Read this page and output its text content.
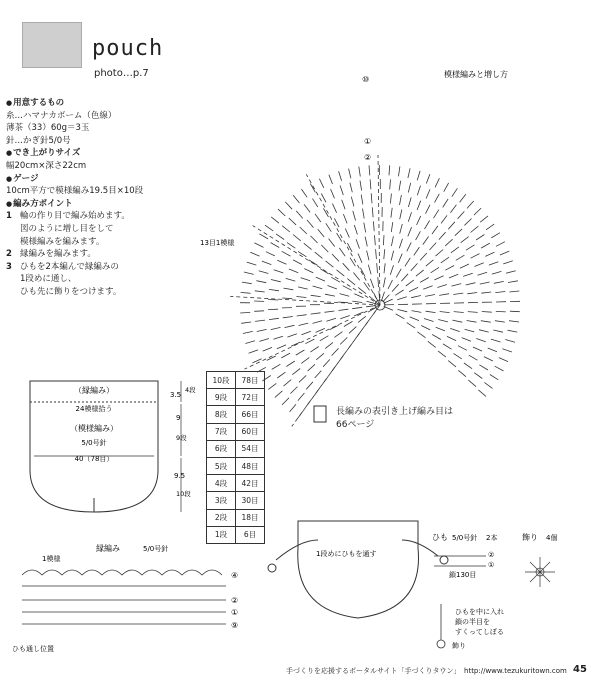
pouch
photo…p.7
● 用意するもの
糸…ハマナカボーム（色線）
薄茶（33）60g＝3玉
針…かぎ針5/0号
● でき上がりサイズ
幅20cm×深さ22cm
● ゲージ
10cm平方で模様編み19.5目×10段
● 編み方ポイント
1 輪の作り目で編み始めます。
図のように増し目をして
模様編みを編みます。
2 縁編みを編みます。
3 ひもを2本編んで縁編みの
1段めに通し、
ひも先に飾りをつけます。
（縁編み）
24模様拾う
（模様編み）
5/0号針
40（78目）
3.5
4段
9
9段
9.5
10段
縁編み	5/0号針
1模様
④
②
①
⑨
ひも通し位置
1段めにひもを通す
ひも 5/0号針 2本
②
①
鎖130目
飾り 4個
ひもを中に入れ
鎖の半目を
すくってしぼる
飾り
模様編みと増し方
13目1模様
⑩
②
①
長編みの表引き上げ編み目は
66ページ
10段	78目
9段	72目
8段	66目
7段	60目
6段	54目
5段	48目
4段	42目
3段	30目
2段	18目
1段	6目
手づくりを応援するポータルサイト「手づくりタウン」　http://www.tezukuritown.com 45
